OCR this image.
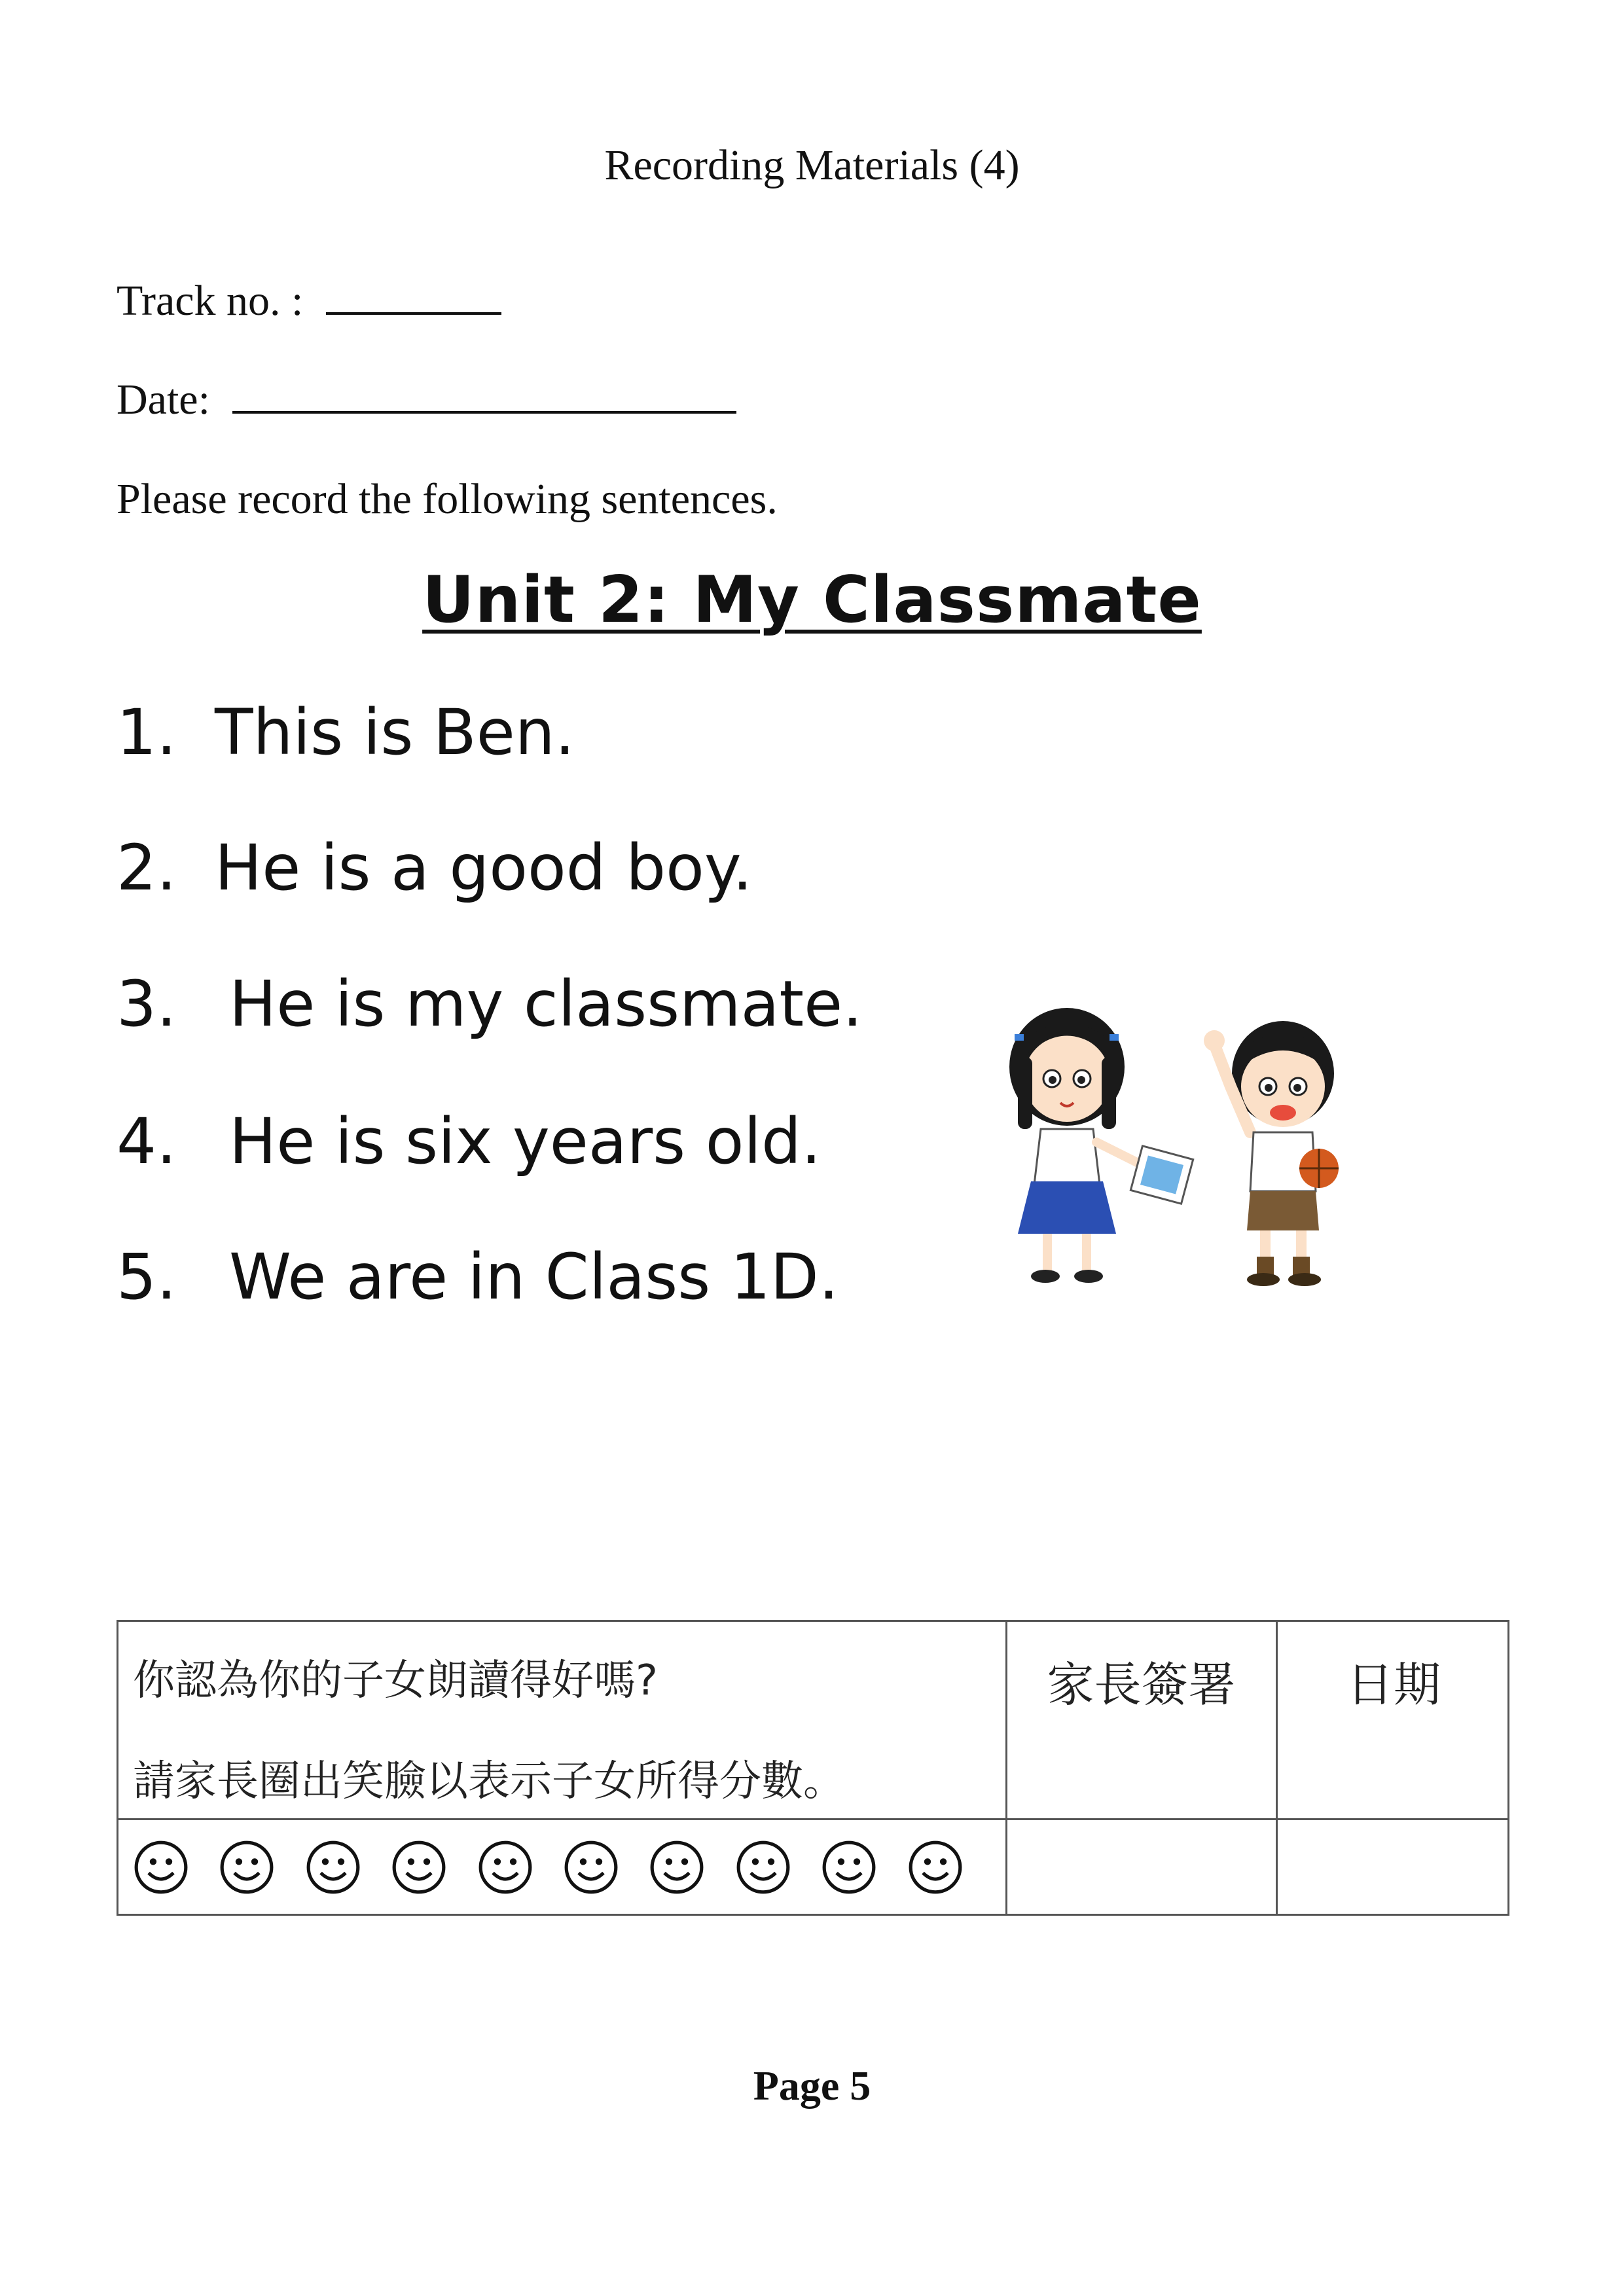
Recording Materials (4)
Track no. :
Date:
Please record the following sentences.
Unit 2: My Classmate
1. This is Ben.
2. He is a good boy.
3. He is my classmate.
4. He is six years old.
5. We are in Class 1D.
你認為你的子女朗讀得好嗎?
請家長圈出笑臉以表示子女所得分數。
家長簽署	日期
Page 5
